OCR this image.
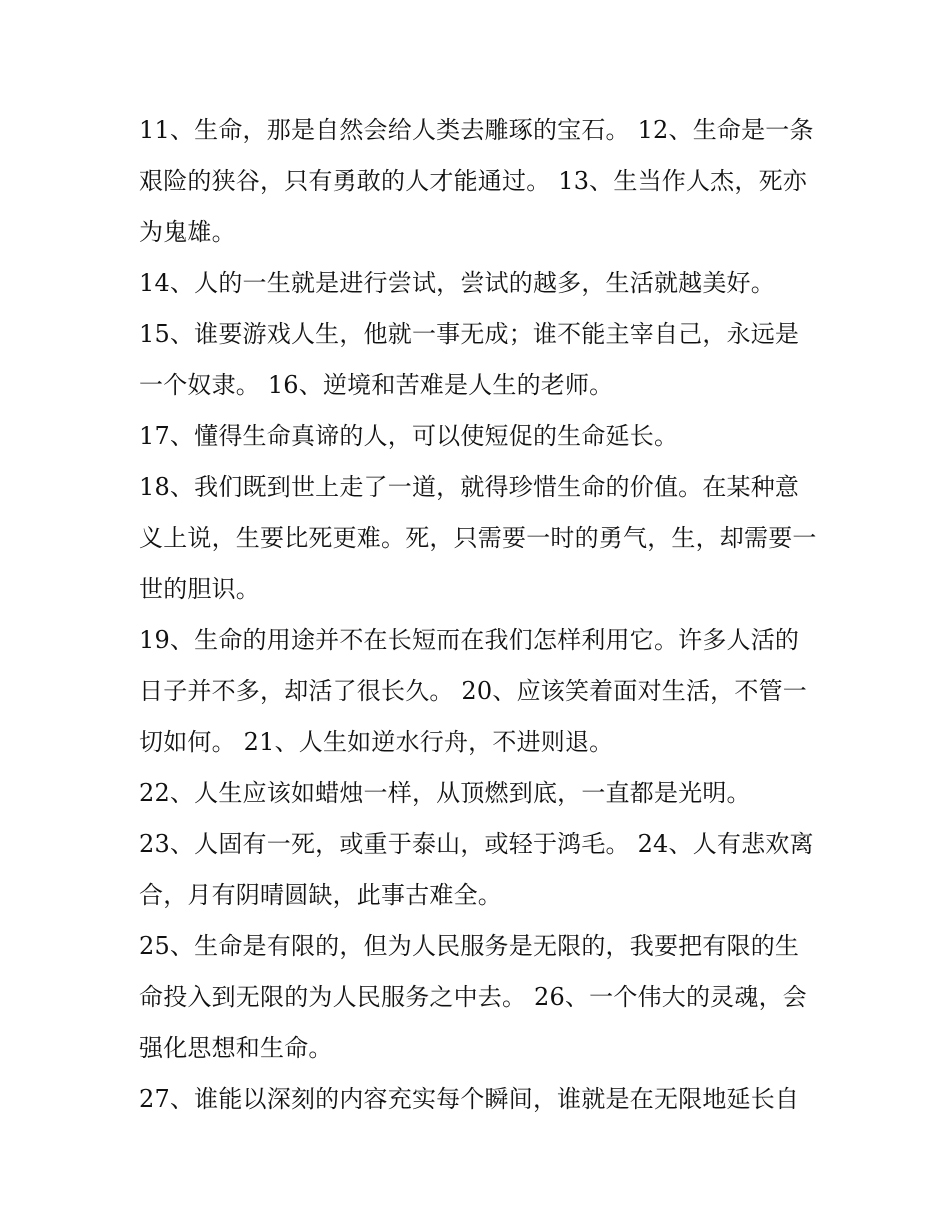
11、生命，那是自然会给人类去雕琢的宝石。 12、生命是一条艰险的狭谷，只有勇敢的人才能通过。 13、生当作人杰，死亦为鬼雄。

14、人的一生就是进行尝试，尝试的越多，生活就越美好。

15、谁要游戏人生，他就一事无成；谁不能主宰自己，永远是一个奴隶。 16、逆境和苦难是人生的老师。

17、懂得生命真谛的人，可以使短促的生命延长。

18、我们既到世上走了一道，就得珍惜生命的价值。在某种意义上说，生要比死更难。死，只需要一时的勇气，生，却需要一世的胆识。

19、生命的用途并不在长短而在我们怎样利用它。许多人活的日子并不多，却活了很长久。 20、应该笑着面对生活，不管一切如何。 21、人生如逆水行舟，不进则退。

22、人生应该如蜡烛一样，从顶燃到底，一直都是光明。

23、人固有一死，或重于泰山，或轻于鸿毛。 24、人有悲欢离合，月有阴晴圆缺，此事古难全。

25、生命是有限的，但为人民服务是无限的，我要把有限的生命投入到无限的为人民服务之中去。 26、一个伟大的灵魂，会强化思想和生命。

27、谁能以深刻的内容充实每个瞬间，谁就是在无限地延长自
